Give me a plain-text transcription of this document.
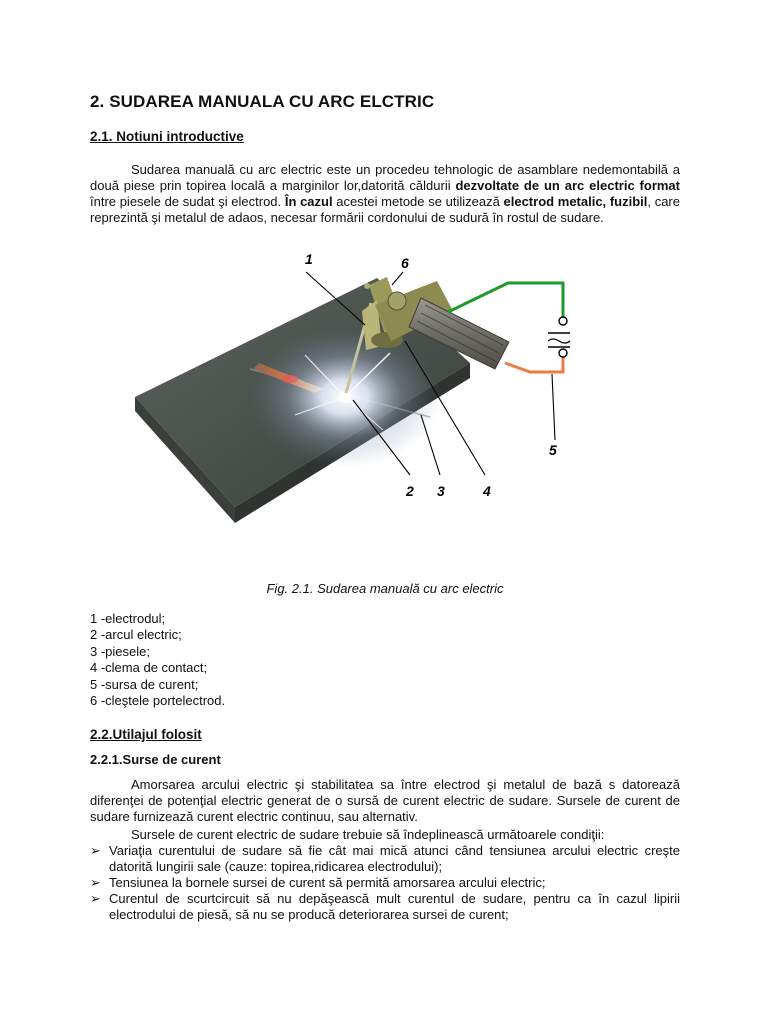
2. SUDAREA MANUALA CU ARC ELCTRIC
2.1. Notiuni introductive

Sudarea manuală cu arc electric este un procedeu tehnologic de asamblare nedemontabilă a două piese prin topirea locală a marginilor lor,datorită căldurii dezvoltate de un arc electric format între piesele de sudat şi electrod. În cazul acestei metode se utilizează electrod metalic, fuzibil, care reprezintă şi metalul de adaos, necesar formării cordonului de sudură în rostul de sudare.

1	6
5
2 3	4
Fig. 2.1. Sudarea manuală cu arc electric
1 -electrodul;
2 -arcul electric;
3 -piesele;
4 -clema de contact;
5 -sursa de curent;
6 -cleştele portelectrod.
2.2.Utilajul folosit
2.2.1.Surse de curent

Amorsarea arcului electric şi stabilitatea sa între electrod şi metalul de bază s datorează diferenţei de potenţial electric generat de o sursă de curent electric de sudare. Sursele de curent de sudare furnizează curent electric continuu, sau alternativ.

Sursele de curent electric de sudare trebuie să îndeplinească următoarele condiţii:

➢ Variaţia curentului de sudare să fie cât mai mică atunci când tensiunea arcului electric creşte datorită lungirii sale (cauze: topirea,ridicarea electrodului);
➢ Tensiunea la bornele sursei de curent să permită amorsarea arcului electric;
➢ Curentul de scurtcircuit să nu depăşească mult curentul de sudare, pentru ca în cazul lipirii electrodului de piesă, să nu se producă deteriorarea sursei de curent;
